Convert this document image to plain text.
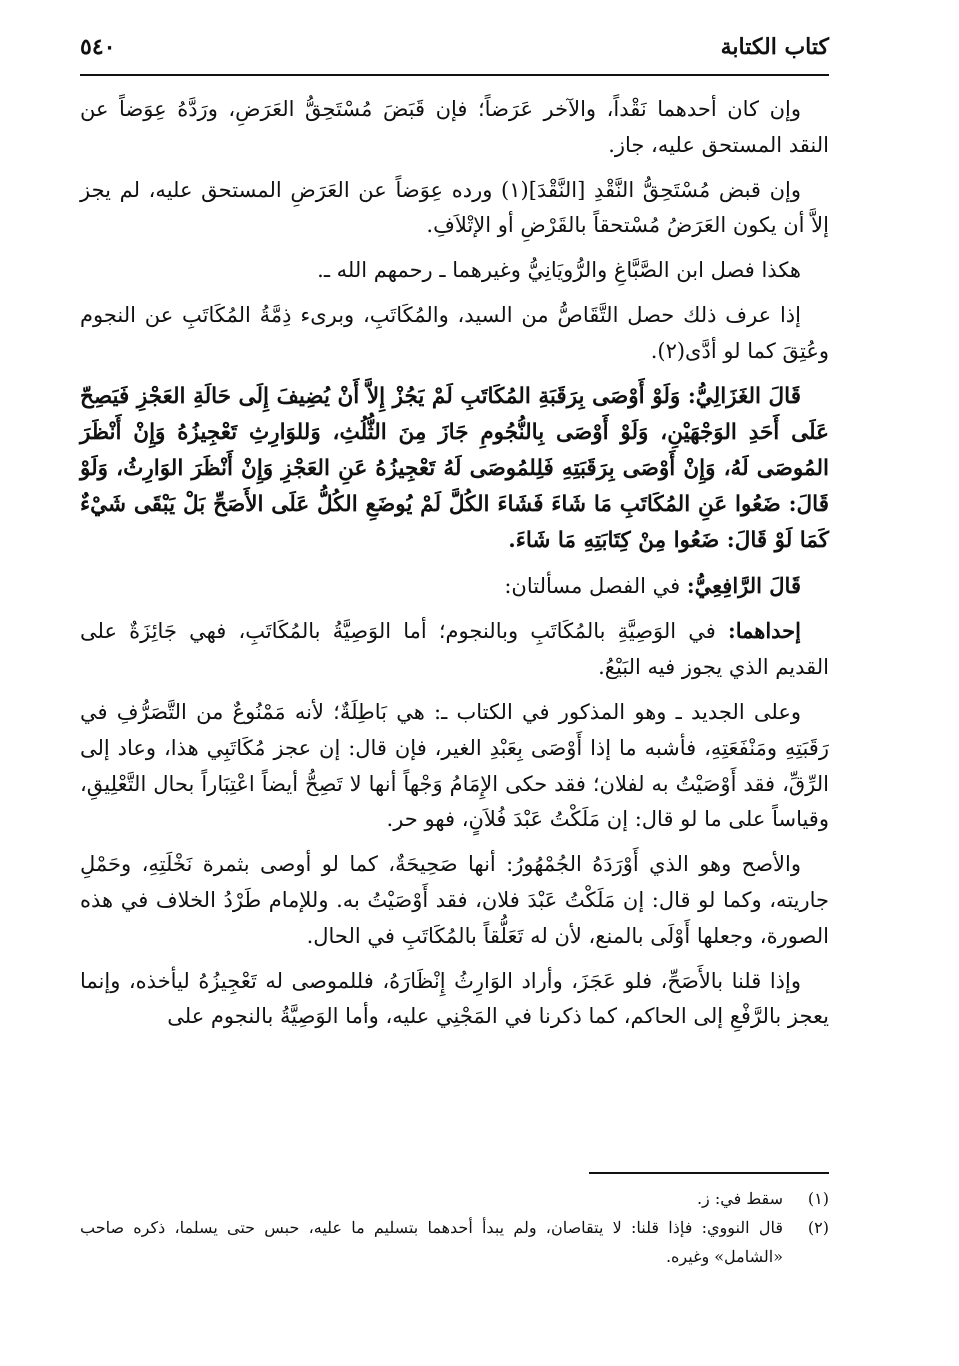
كتاب الكتابة
٥٤٠

وإن كان أحدهما نَقْداً، والآخر عَرَضاً؛ فإن قَبَضَ مُسْتَحِقُّ العَرَضِ، ورَدَّهُ عِوَضاً عن النقد المستحق عليه، جاز.

وإن قبض مُسْتَحِقُّ النَّقْدِ [النَّقْدَ](١) ورده عِوَضاً عن العَرَضِ المستحق عليه، لم يجز إلاَّ أن يكون العَرَضُ مُسْتحقاً بالقَرْضِ أو الإتْلاَفِ.

هكذا فصل ابن الصَّبَّاغِ والرُّويَانِيُّ وغيرهما ـ رحمهم الله ـ.

إذا عرف ذلك حصل التَّقَاصُّ من السيد، والمُكَاتَبِ، وبرىء ذِمَّةُ المُكَاتَبِ عن النجوم وعُتِقَ كما لو أدَّى(٢).

قَالَ الغَزَالِيُّ: وَلَوْ أَوْصَى بِرَقَبَةِ المُكَاتَبِ لَمْ يَجُزْ إِلاَّ أَنْ يُضِيفَ إِلَى حَالَةِ العَجْزِ فَيَصِحّ عَلَى أَحَدِ الوَجْهَيْنِ، وَلَوْ أَوْصَى بِالنُّجُومِ جَازَ مِنَ الثُّلُثِ، وَللوَارِثِ تَعْجِيزُهُ وَإِنْ أَنْظَرَ المُوصَى لَهُ، وَإِنْ أَوْصَى بِرَقَبَتِهِ فَلِلمُوصَى لَهُ تَعْجِيزُهُ عَنِ العَجْزِ وَإِنْ أَنْظَرَ الوَارِثُ، وَلَوْ قَالَ: ضَعُوا عَنِ المُكَاتَبِ مَا شَاءَ فَشَاءَ الكُلَّ لَمْ يُوضَعِ الكُلُّ عَلَى الأَصَحِّ بَلْ يَبْقَى شَيْءٌ كَمَا لَوْ قَالَ: ضَعُوا مِنْ كِتَابَتِهِ مَا شَاءَ.

قَالَ الرَّافِعِيُّ: في الفصل مسألتان:

إحداهما: في الوَصِيَّةِ بالمُكَاتَبِ وبالنجوم؛ أما الوَصِيَّةُ بالمُكَاتَبِ، فهي جَائِزَةٌ على القديم الذي يجوز فيه البَيْعُ.

وعلى الجديد ـ وهو المذكور في الكتاب ـ: هي بَاطِلَةٌ؛ لأنه مَمْنُوعٌ من التَّصَرُّفِ في رَقَبَتِهِ ومَنْفَعَتِهِ، فأشبه ما إذا أَوْصَى بِعَبْدِ الغير، فإن قال: إن عجز مُكَاتَبِي هذا، وعاد إلى الرِّقِّ، فقد أَوْصَيْتُ به لفلان؛ فقد حكى الإِمَامُ وَجْهاً أنها لا تَصِحُّ أيضاً اعْتِبَاراً بحال التَّعْلِيقِ، وقياساً على ما لو قال: إن مَلَكْتُ عَبْدَ فُلاَنٍ، فهو حر.

والأصح وهو الذي أَوْرَدَهُ الجُمْهُورُ: أنها صَحِيحَةٌ، كما لو أوصى بثمرة نَخْلَتِهِ، وحَمْلِ جاريته، وكما لو قال: إن مَلَكْتُ عَبْدَ فلان، فقد أَوْصَيْتُ به. وللإمام طَرْدُ الخلاف في هذه الصورة، وجعلها أَوْلَى بالمنع، لأن له تَعَلُّقاً بالمُكَاتَبِ في الحال.

وإذا قلنا بالأَصَحِّ، فلو عَجَزَ، وأراد الوَارِثُ إِنْظَارَهُ، فللموصى له تَعْجِيزُهُ ليأخذه، وإنما يعجز بالرَّفْعِ إلى الحاكم، كما ذكرنا في المَجْنِي عليه، وأما الوَصِيَّةُ بالنجوم على

(١)
سقط في: ز.
(٢)
قال النووي: فإذا قلنا: لا يتقاصان، ولم يبدأ أحدهما بتسليم ما عليه، حبس حتى يسلما، ذكره صاحب «الشامل» وغيره.
